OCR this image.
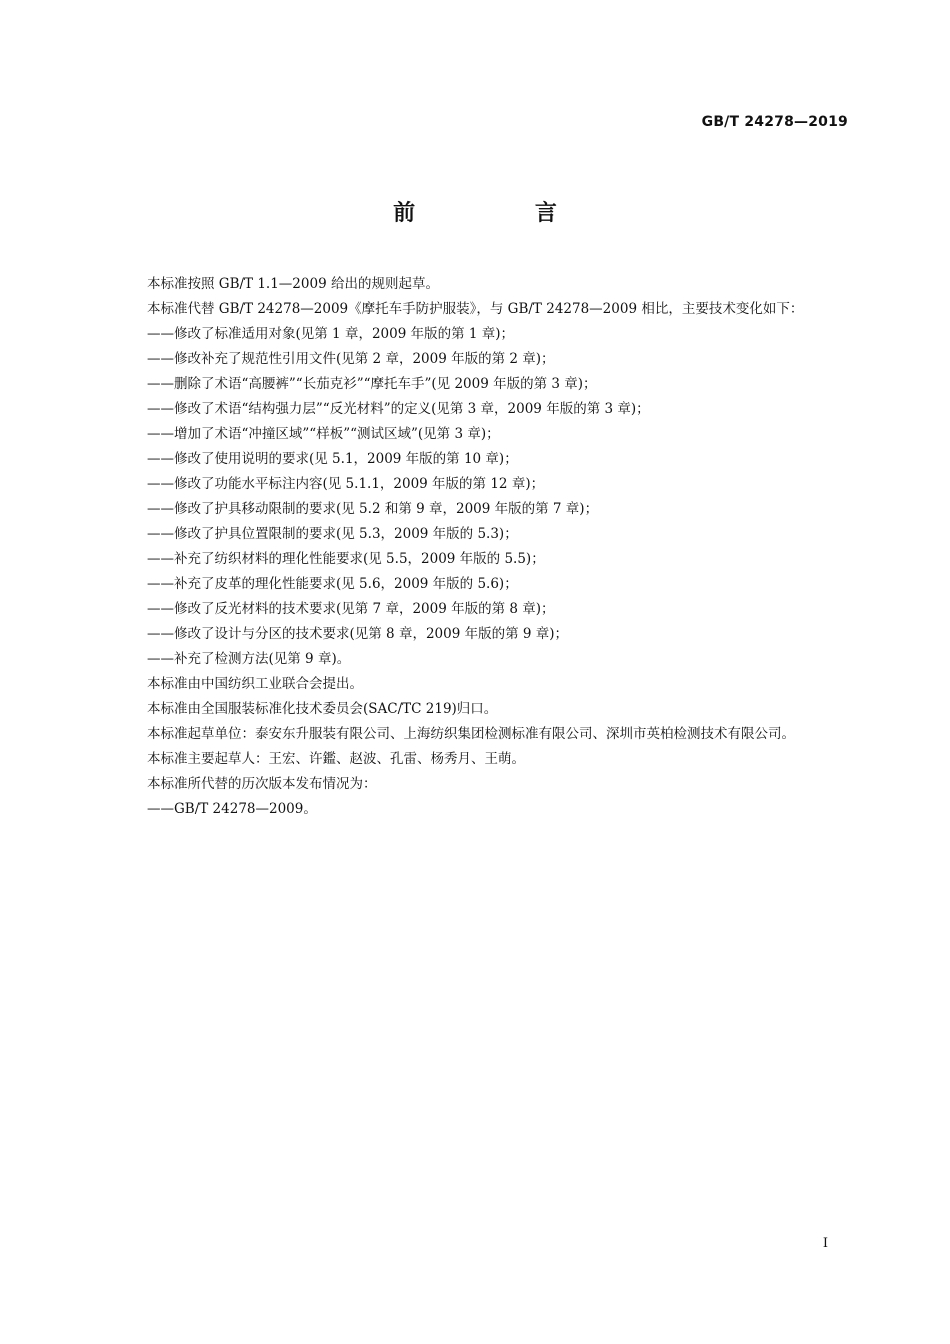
GB/T 24278—2019
前 言

本标准按照 GB/T 1.1—2009 给出的规则起草。

本标准代替 GB/T 24278—2009《摩托车手防护服装》，与 GB/T 24278—2009 相比，主要技术变化如下：

——修改了标准适用对象(见第 1 章，2009 年版的第 1 章)；

——修改补充了规范性引用文件(见第 2 章，2009 年版的第 2 章)；

——删除了术语“高腰裤”“长茄克衫”“摩托车手”(见 2009 年版的第 3 章)；

——修改了术语“结构强力层”“反光材料”的定义(见第 3 章，2009 年版的第 3 章)；

——增加了术语“冲撞区域”“样板”“测试区域”(见第 3 章)；

——修改了使用说明的要求(见 5.1，2009 年版的第 10 章)；

——修改了功能水平标注内容(见 5.1.1，2009 年版的第 12 章)；

——修改了护具移动限制的要求(见 5.2 和第 9 章，2009 年版的第 7 章)；

——修改了护具位置限制的要求(见 5.3，2009 年版的 5.3)；

——补充了纺织材料的理化性能要求(见 5.5，2009 年版的 5.5)；

——补充了皮革的理化性能要求(见 5.6，2009 年版的 5.6)；

——修改了反光材料的技术要求(见第 7 章，2009 年版的第 8 章)；

——修改了设计与分区的技术要求(见第 8 章，2009 年版的第 9 章)；

——补充了检测方法(见第 9 章)。

本标准由中国纺织工业联合会提出。

本标准由全国服装标准化技术委员会(SAC/TC 219)归口。

本标准起草单位：泰安东升服装有限公司、上海纺织集团检测标准有限公司、深圳市英柏检测技术有限公司。

本标准主要起草人：王宏、许鑑、赵波、孔雷、杨秀月、王萌。

本标准所代替的历次版本发布情况为：

——GB/T 24278—2009。

I
